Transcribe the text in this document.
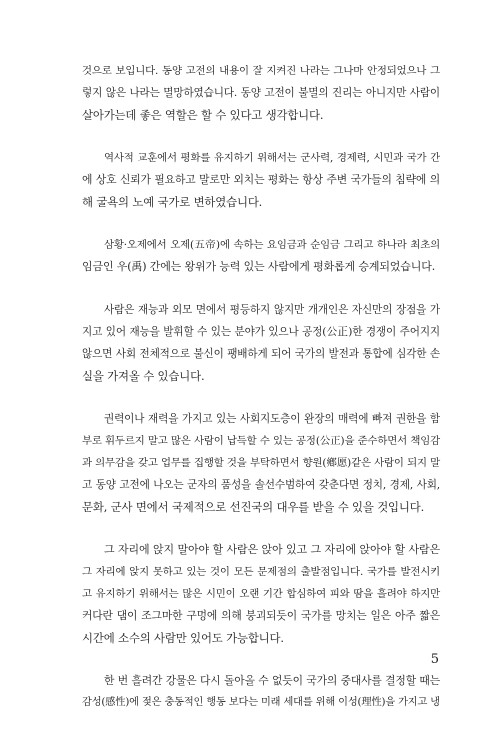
것으로 보입니다. 동양 고전의 내용이 잘 지켜진 나라는 그나마 안정되었으나 그
렇지 않은 나라는 멸망하였습니다. 동양 고전이 불멸의 진리는 아니지만 사람이
살아가는데 좋은 역할은 할 수 있다고 생각합니다.
역사적 교훈에서 평화를 유지하기 위해서는 군사력, 경제력, 시민과 국가 간
에 상호 신뢰가 필요하고 말로만 외치는 평화는 항상 주변 국가들의 침략에 의
해 굴욕의 노예 국가로 변하였습니다.
삼황·오제에서 오제(五帝)에 속하는 요임금과 순임금 그리고 하나라 최초의
임금인 우(禹) 간에는 왕위가 능력 있는 사람에게 평화롭게 승계되었습니다.
사람은 재능과 외모 면에서 평등하지 않지만 개개인은 자신만의 장점을 가
지고 있어 재능을 발휘할 수 있는 분야가 있으나 공정(公正)한 경쟁이 주어지지
않으면 사회 전체적으로 불신이 팽배하게 되어 국가의 발전과 통합에 심각한 손
실을 가져올 수 있습니다.
권력이나 재력을 가지고 있는 사회지도층이 완장의 매력에 빠져 권한을 함
부로 휘두르지 말고 많은 사람이 납득할 수 있는 공정(公正)을 준수하면서 책임감
과 의무감을 갖고 업무를 집행할 것을 부탁하면서 향원(鄕愿)같은 사람이 되지 말
고 동양 고전에 나오는 군자의 품성을 솔선수범하여 갖춘다면 정치, 경제, 사회,
문화, 군사 면에서 국제적으로 선진국의 대우를 받을 수 있을 것입니다.
그 자리에 앉지 말아야 할 사람은 앉아 있고 그 자리에 앉아야 할 사람은
그 자리에 앉지 못하고 있는 것이 모든 문제점의 출발점입니다. 국가를 발전시키
고 유지하기 위해서는 많은 시민이 오랜 기간 합심하여 피와 땀을 흘려야 하지만
커다란 댐이 조그마한 구멍에 의해 붕괴되듯이 국가를 망치는 일은 아주 짧은
시간에 소수의 사람만 있어도 가능합니다.
한 번 흘려간 강물은 다시 돌아올 수 없듯이 국가의 중대사를 결정할 때는
감성(感性)에 젖은 충동적인 행동 보다는 미래 세대를 위해 이성(理性)을 가지고 냉
5
